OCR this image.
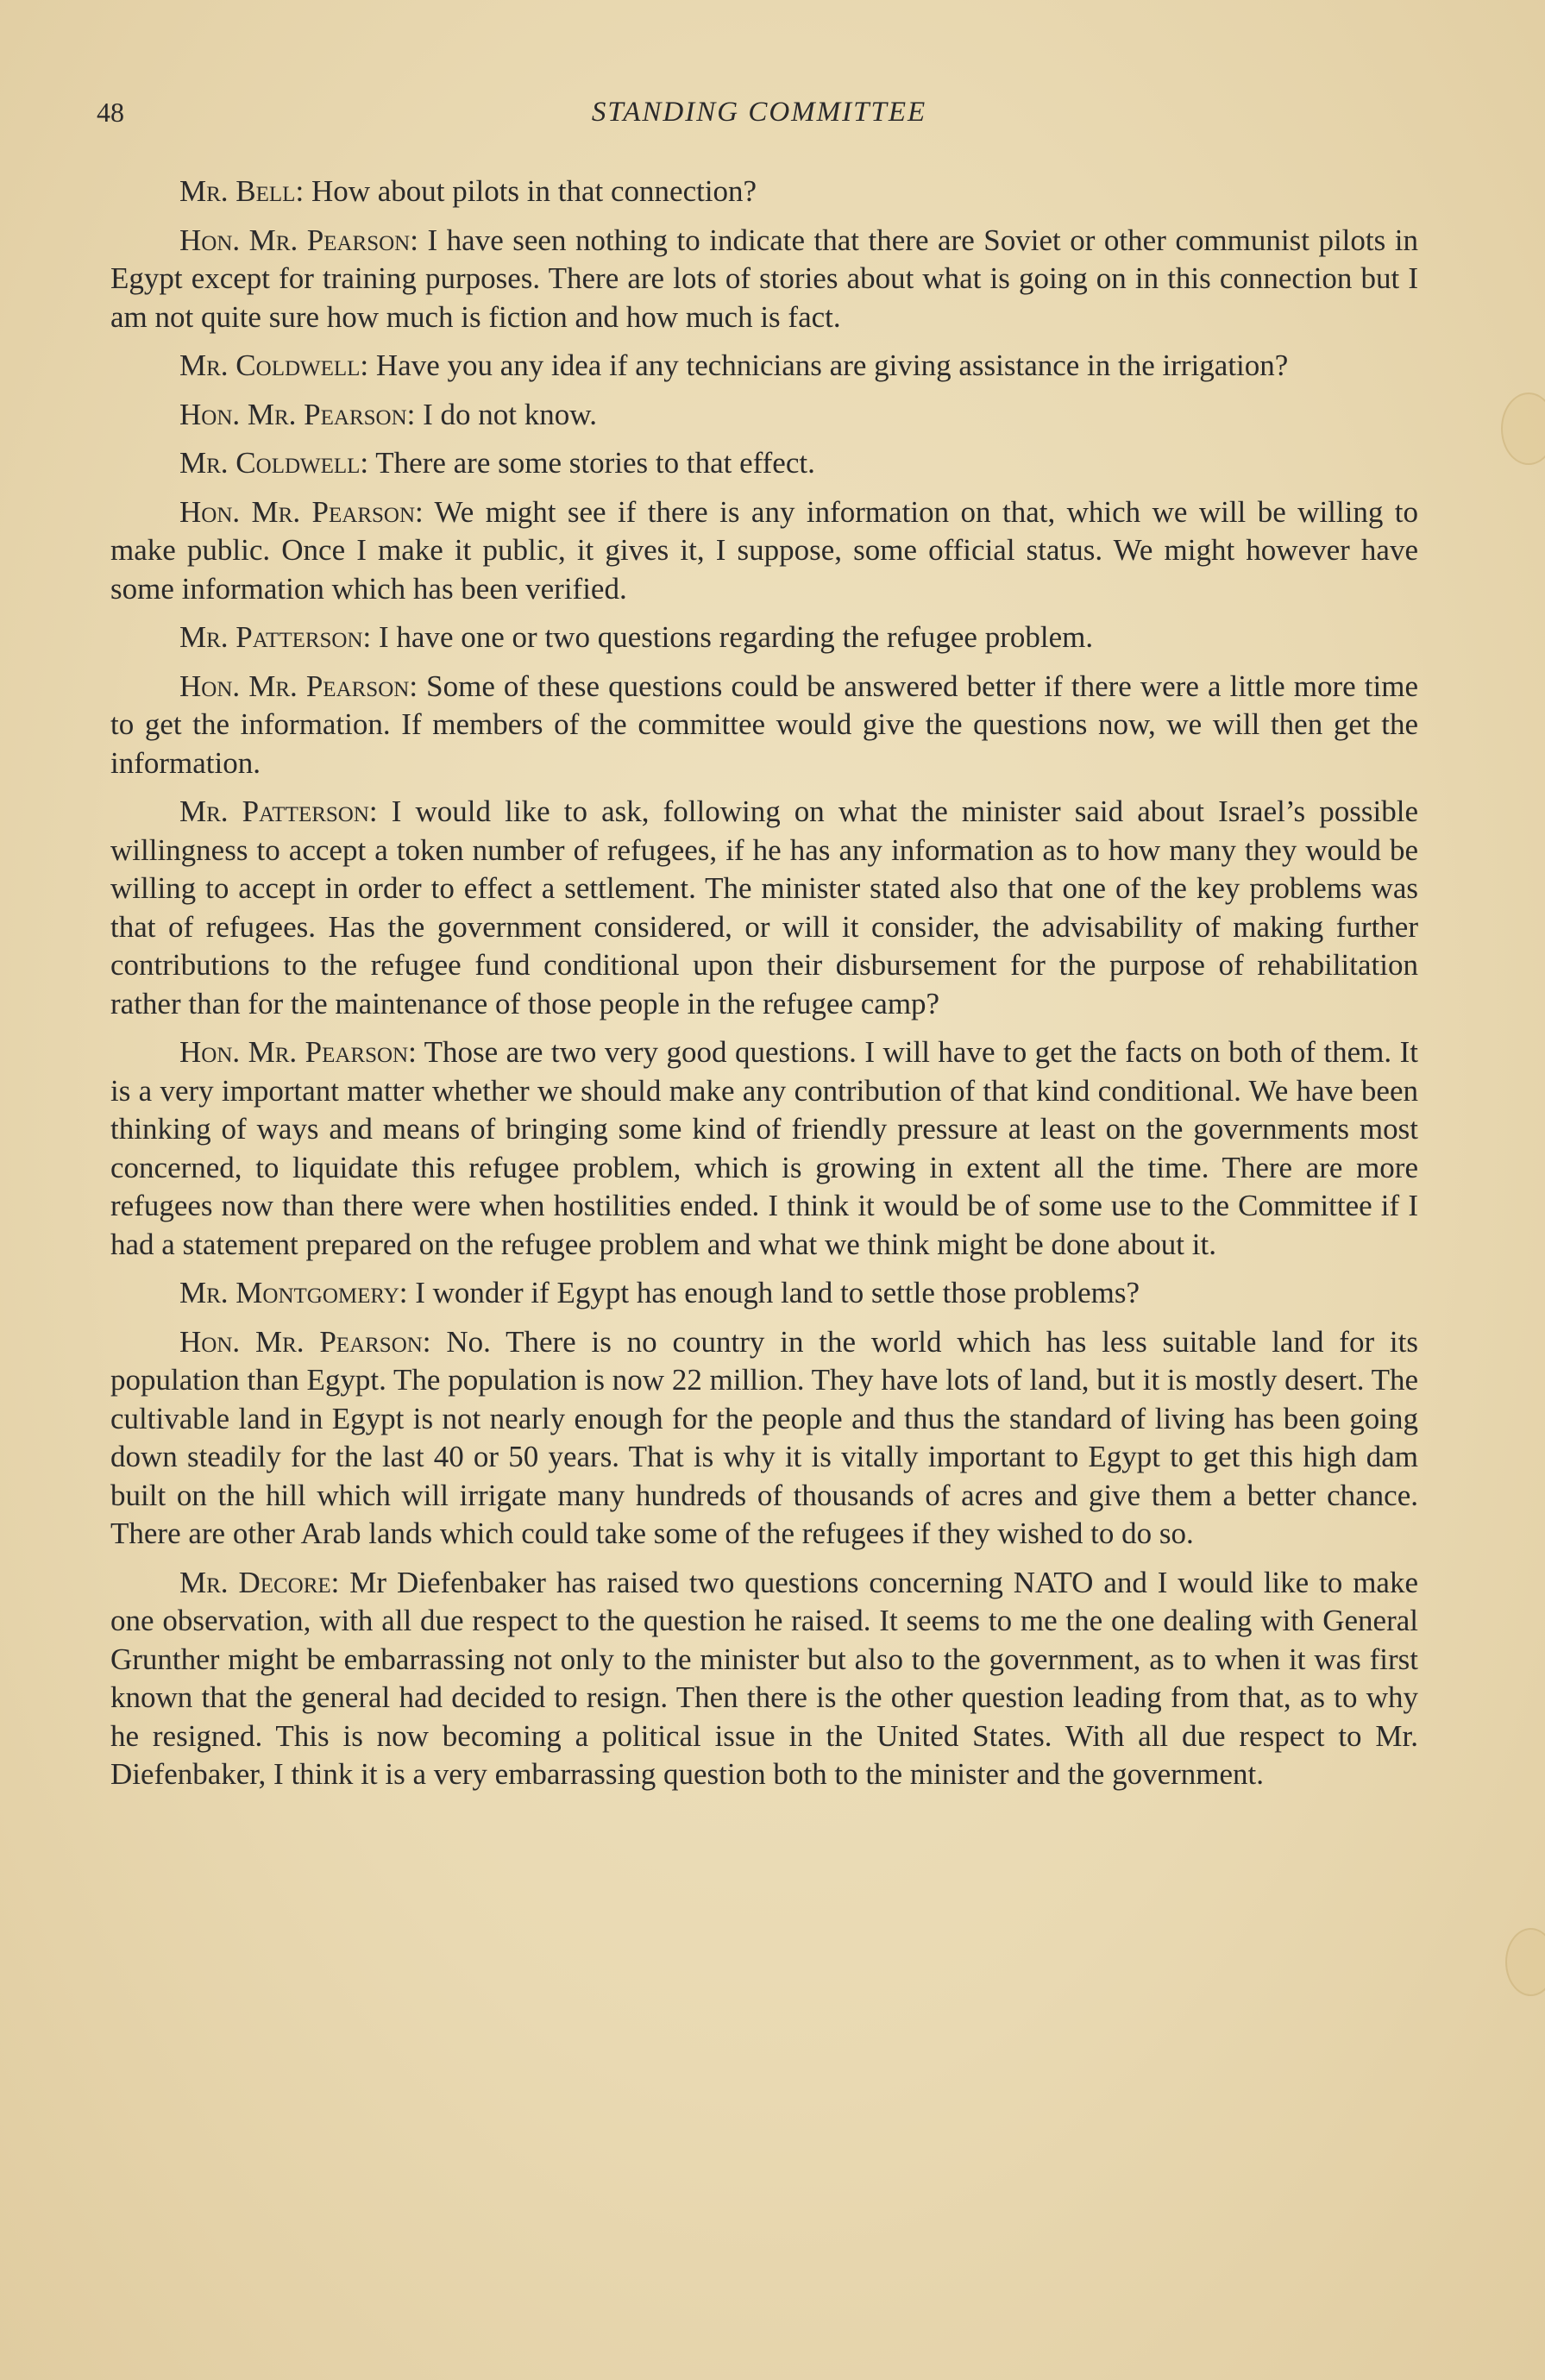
48	STANDING COMMITTEE

Mr. Bell: How about pilots in that connection?

Hon. Mr. Pearson: I have seen nothing to indicate that there are Soviet or other communist pilots in Egypt except for training purposes. There are lots of stories about what is going on in this connection but I am not quite sure how much is fiction and how much is fact.

Mr. Coldwell: Have you any idea if any technicians are giving assistance in the irrigation?

Hon. Mr. Pearson: I do not know.

Mr. Coldwell: There are some stories to that effect.

Hon. Mr. Pearson: We might see if there is any information on that, which we will be willing to make public. Once I make it public, it gives it, I suppose, some official status. We might however have some information which has been verified.

Mr. Patterson: I have one or two questions regarding the refugee problem.

Hon. Mr. Pearson: Some of these questions could be answered better if there were a little more time to get the information. If members of the committee would give the questions now, we will then get the information.

Mr. Patterson: I would like to ask, following on what the minister said about Israel’s possible willingness to accept a token number of refugees, if he has any information as to how many they would be willing to accept in order to effect a settlement. The minister stated also that one of the key problems was that of refugees. Has the government considered, or will it consider, the advisability of making further contributions to the refugee fund conditional upon their disbursement for the purpose of rehabilitation rather than for the maintenance of those people in the refugee camp?

Hon. Mr. Pearson: Those are two very good questions. I will have to get the facts on both of them. It is a very important matter whether we should make any contribution of that kind conditional. We have been thinking of ways and means of bringing some kind of friendly pressure at least on the governments most concerned, to liquidate this refugee problem, which is growing in extent all the time. There are more refugees now than there were when hostilities ended. I think it would be of some use to the Committee if I had a statement prepared on the refugee problem and what we think might be done about it.

Mr. Montgomery: I wonder if Egypt has enough land to settle those problems?

Hon. Mr. Pearson: No. There is no country in the world which has less suitable land for its population than Egypt. The population is now 22 million. They have lots of land, but it is mostly desert. The cultivable land in Egypt is not nearly enough for the people and thus the standard of living has been going down steadily for the last 40 or 50 years. That is why it is vitally important to Egypt to get this high dam built on the hill which will irrigate many hundreds of thousands of acres and give them a better chance. There are other Arab lands which could take some of the refugees if they wished to do so.

Mr. Decore: Mr Diefenbaker has raised two questions concerning NATO and I would like to make one observation, with all due respect to the question he raised. It seems to me the one dealing with General Grunther might be embarrassing not only to the minister but also to the government, as to when it was first known that the general had decided to resign. Then there is the other question leading from that, as to why he resigned. This is now becoming a political issue in the United States. With all due respect to Mr. Diefenbaker, I think it is a very embarrassing question both to the minister and the government.
